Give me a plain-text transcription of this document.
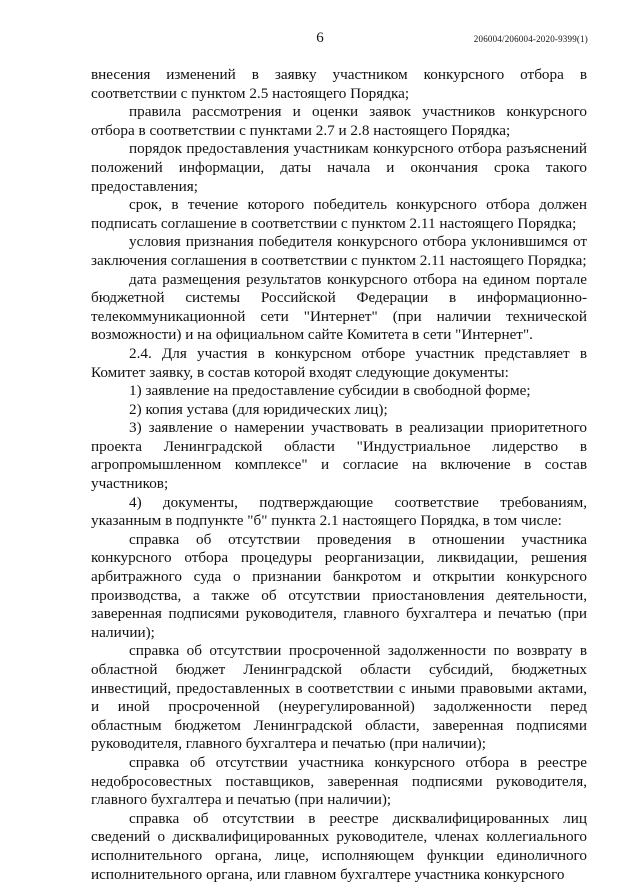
6	206004/206004-2020-9399(1)

внесения изменений в заявку участником конкурсного отбора в соответствии с пунктом 2.5 настоящего Порядка;

правила рассмотрения и оценки заявок участников конкурсного отбора в соответствии с пунктами 2.7 и 2.8 настоящего Порядка;

порядок предоставления участникам конкурсного отбора разъяснений положений информации, даты начала и окончания срока такого предоставления;

срок, в течение которого победитель конкурсного отбора должен подписать соглашение в соответствии с пунктом 2.11 настоящего Порядка;

условия признания победителя конкурсного отбора уклонившимся от заключения соглашения в соответствии с пунктом 2.11 настоящего Порядка;

дата размещения результатов конкурсного отбора на едином портале бюджетной системы Российской Федерации в информационно-телекоммуникационной сети "Интернет" (при наличии технической возможности) и на официальном сайте Комитета в сети "Интернет".

2.4. Для участия в конкурсном отборе участник представляет в Комитет заявку, в состав которой входят следующие документы:

1) заявление на предоставление субсидии в свободной форме;

2) копия устава (для юридических лиц);

3) заявление о намерении участвовать в реализации приоритетного проекта Ленинградской области "Индустриальное лидерство в агропромышленном комплексе" и согласие на включение в состав участников;

4) документы, подтверждающие соответствие требованиям, указанным в подпункте "б" пункта 2.1 настоящего Порядка, в том числе:

справка об отсутствии проведения в отношении участника конкурсного отбора процедуры реорганизации, ликвидации, решения арбитражного суда о признании банкротом и открытии конкурсного производства, а также об отсутствии приостановления деятельности, заверенная подписями руководителя, главного бухгалтера и печатью (при наличии);

справка об отсутствии просроченной задолженности по возврату в областной бюджет Ленинградской области субсидий, бюджетных инвестиций, предоставленных в соответствии с иными правовыми актами, и иной просроченной (неурегулированной) задолженности перед областным бюджетом Ленинградской области, заверенная подписями руководителя, главного бухгалтера и печатью (при наличии);

справка об отсутствии участника конкурсного отбора в реестре недобросовестных поставщиков, заверенная подписями руководителя, главного бухгалтера и печатью (при наличии);

справка об отсутствии в реестре дисквалифицированных лиц сведений о дисквалифицированных руководителе, членах коллегиального исполнительного органа, лице, исполняющем функции единоличного исполнительного органа, или главном бухгалтере участника конкурсного
